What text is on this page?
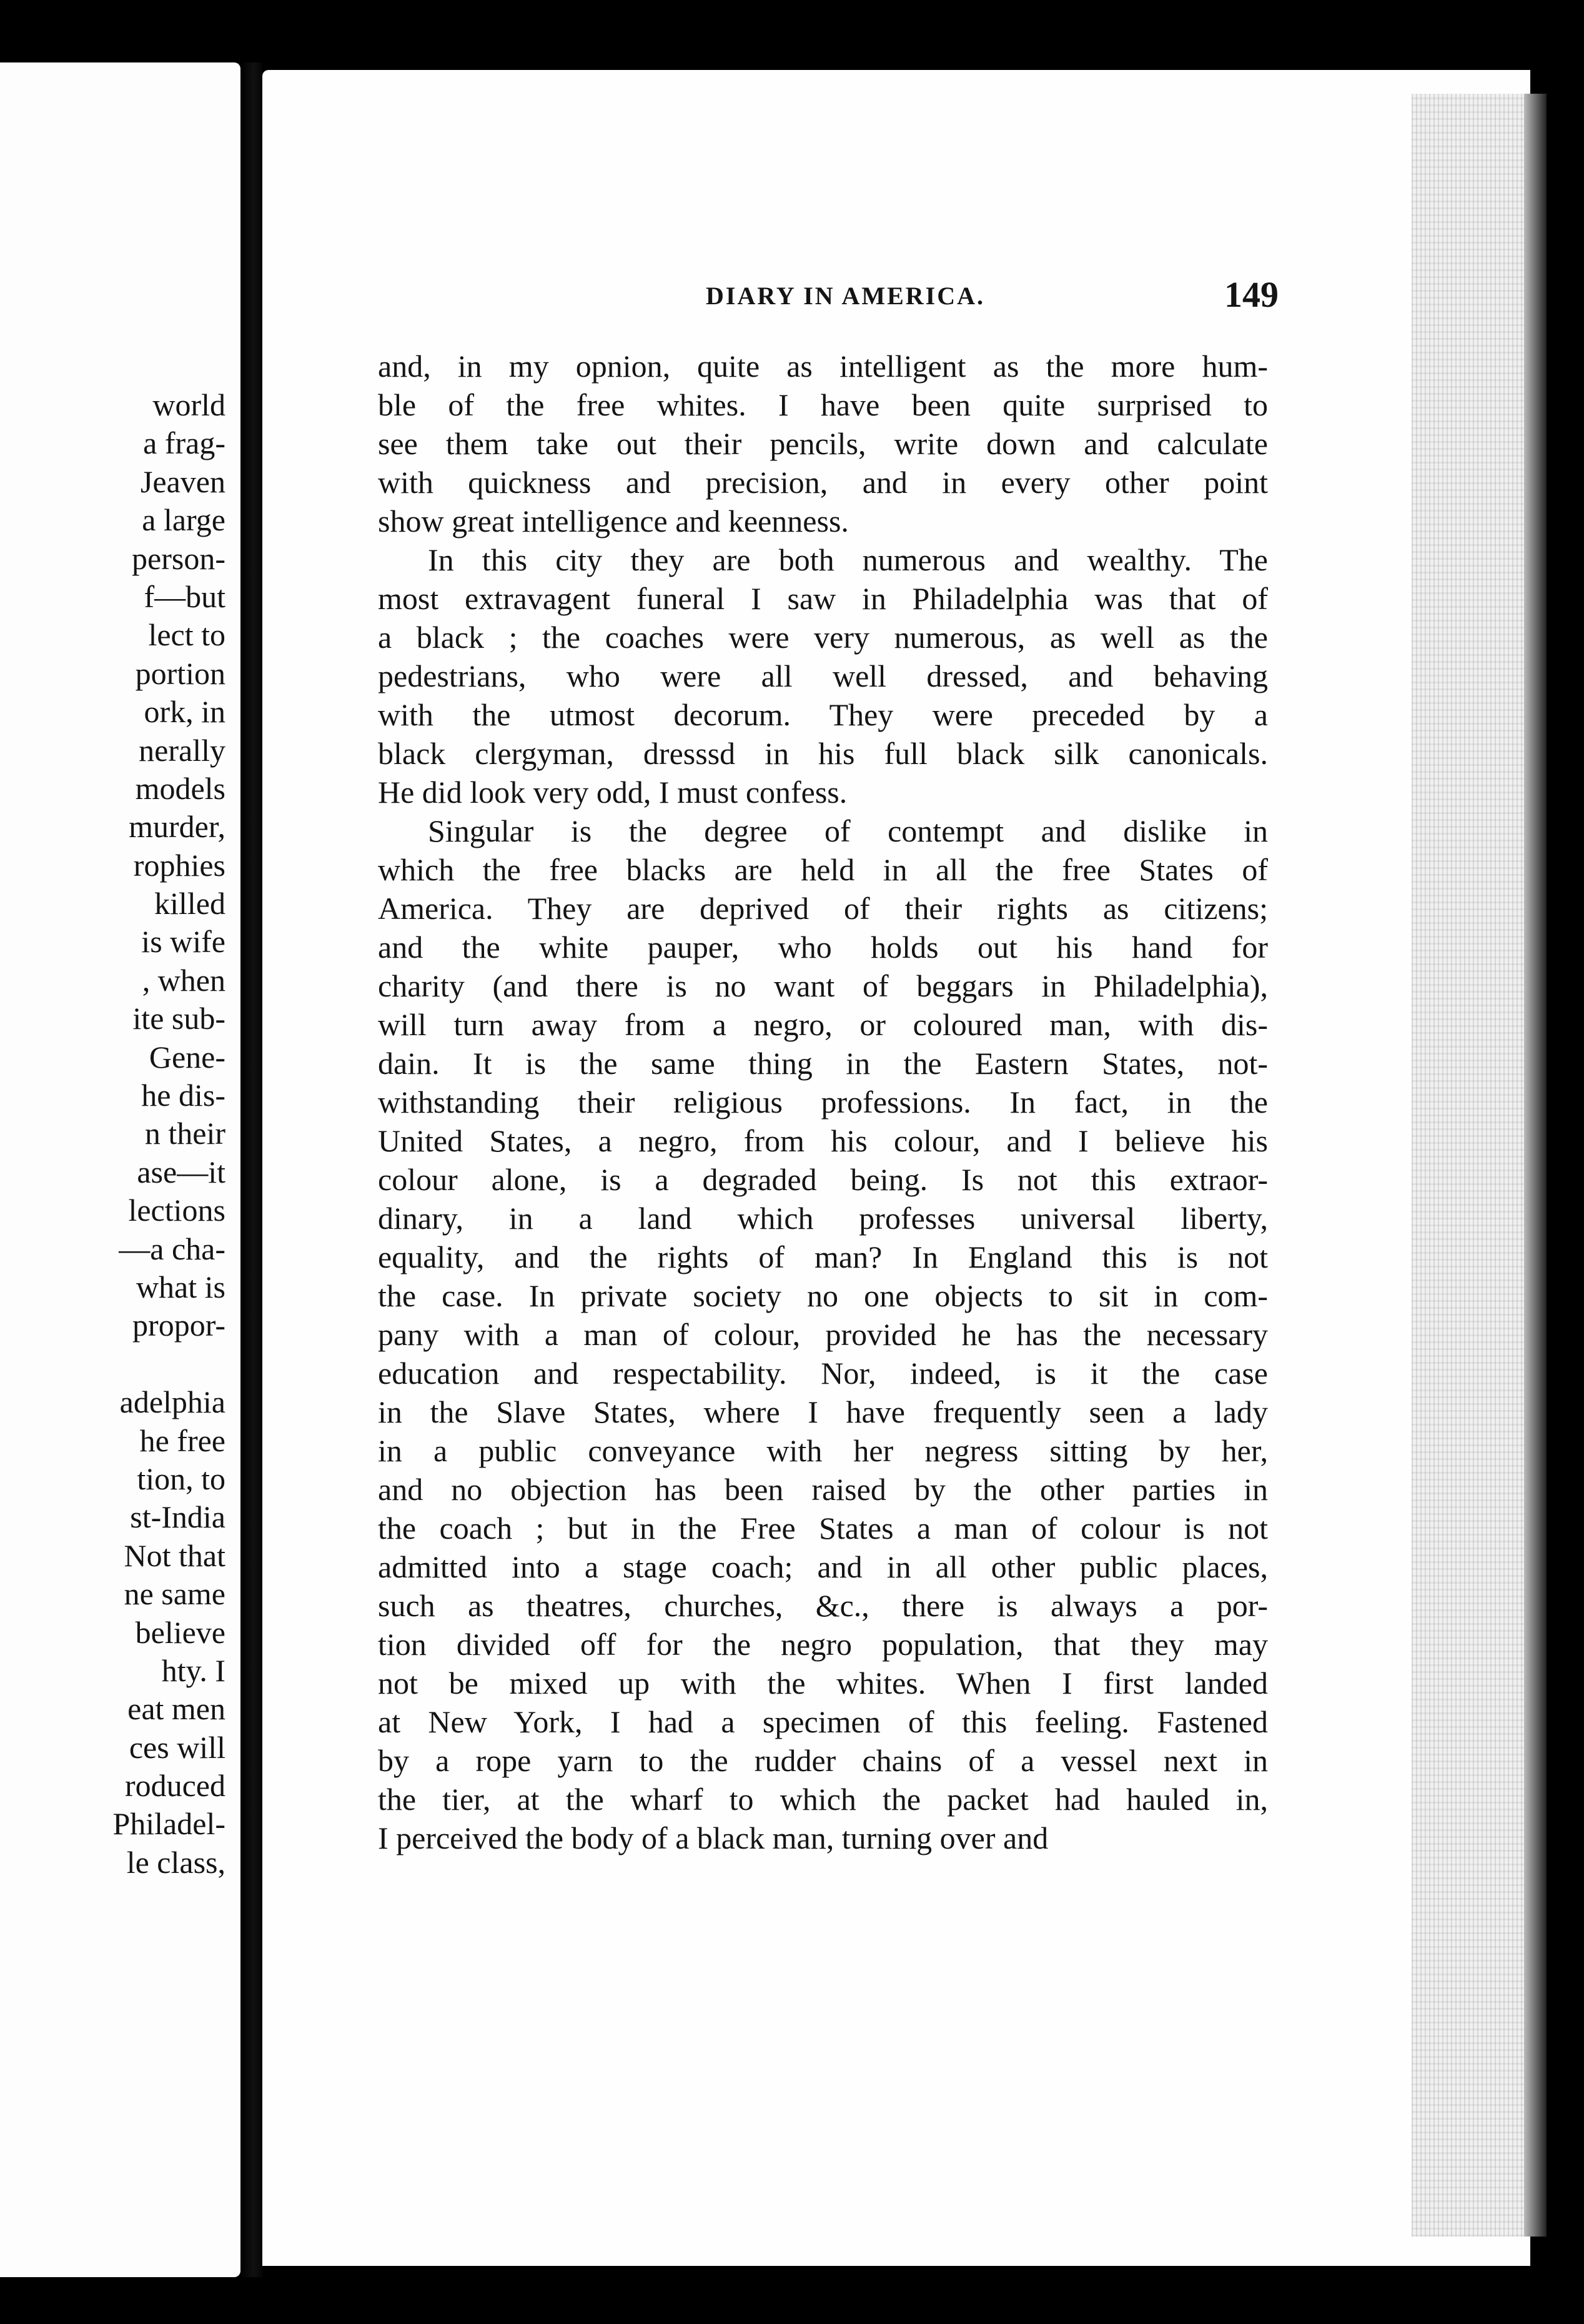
world
a frag-
Jeaven
a large
person-
f—but
lect to
portion
ork, in
nerally
models
murder,
rophies
killed
is wife
, when
ite sub-
Gene-
he dis-
n their
ase—it
lections
—a cha-
what is
propor-
adelphia
he free
tion, to
st-India
Not that
ne same
believe
hty. I
eat men
ces will
roduced
Philadel-
le class,
DIARY IN AMERICA.	149
and, in my opnion, quite as intelligent as the more hum-
ble of the free whites. I have been quite surprised to
see them take out their pencils, write down and calculate
with quickness and precision, and in every other point
show great intelligence and keenness.
In this city they are both numerous and wealthy. The
most extravagent funeral I saw in Philadelphia was that of
a black ; the coaches were very numerous, as well as the
pedestrians, who were all well dressed, and behaving
with the utmost decorum. They were preceded by a
black clergyman, dresssd in his full black silk canonicals.
He did look very odd, I must confess.
Singular is the degree of contempt and dislike in
which the free blacks are held in all the free States of
America. They are deprived of their rights as citizens;
and the white pauper, who holds out his hand for
charity (and there is no want of beggars in Philadelphia),
will turn away from a negro, or coloured man, with dis-
dain. It is the same thing in the Eastern States, not-
withstanding their religious professions. In fact, in the
United States, a negro, from his colour, and I believe his
colour alone, is a degraded being. Is not this extraor-
dinary, in a land which professes universal liberty,
equality, and the rights of man? In England this is not
the case. In private society no one objects to sit in com-
pany with a man of colour, provided he has the necessary
education and respectability. Nor, indeed, is it the case
in the Slave States, where I have frequently seen a lady
in a public conveyance with her negress sitting by her,
and no objection has been raised by the other parties in
the coach ; but in the Free States a man of colour is not
admitted into a stage coach; and in all other public places,
such as theatres, churches, &c., there is always a por-
tion divided off for the negro population, that they may
not be mixed up with the whites. When I first landed
at New York, I had a specimen of this feeling. Fastened
by a rope yarn to the rudder chains of a vessel next in
the tier, at the wharf to which the packet had hauled in,
I perceived the body of a black man, turning over and
